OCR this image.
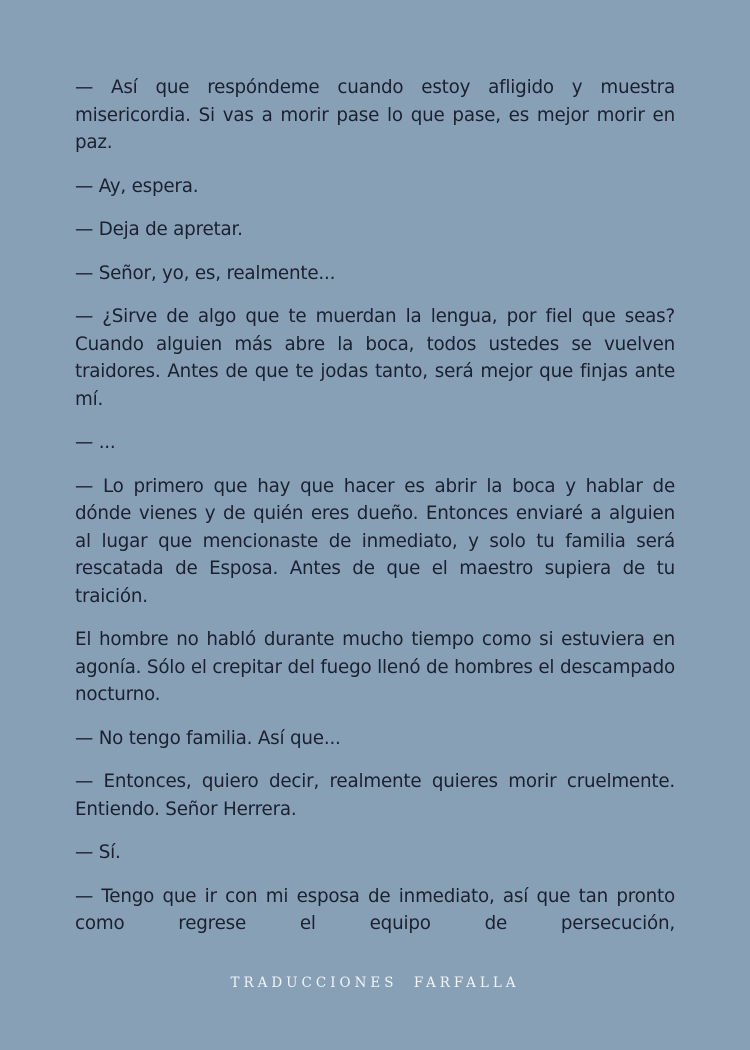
— Así que respóndeme cuando estoy afligido y muestra misericordia. Si vas a morir pase lo que pase, es mejor morir en paz.

— Ay, espera.

— Deja de apretar.

— Señor, yo, es, realmente...

— ¿Sirve de algo que te muerdan la lengua, por fiel que seas? Cuando alguien más abre la boca, todos ustedes se vuelven traidores. Antes de que te jodas tanto, será mejor que finjas ante mí.

— ...

— Lo primero que hay que hacer es abrir la boca y hablar de dónde vienes y de quién eres dueño. Entonces enviaré a alguien al lugar que mencionaste de inmediato, y solo tu familia será rescatada de Esposa. Antes de que el maestro supiera de tu traición.

El hombre no habló durante mucho tiempo como si estuviera en agonía. Sólo el crepitar del fuego llenó de hombres el descampado nocturno.

— No tengo familia. Así que...

— Entonces, quiero decir, realmente quieres morir cruelmente. Entiendo. Señor Herrera.

— Sí.

— Tengo que ir con mi esposa de inmediato, así que tan pronto como regrese el equipo de persecución,

TRADUCCIONES FARFALLA
